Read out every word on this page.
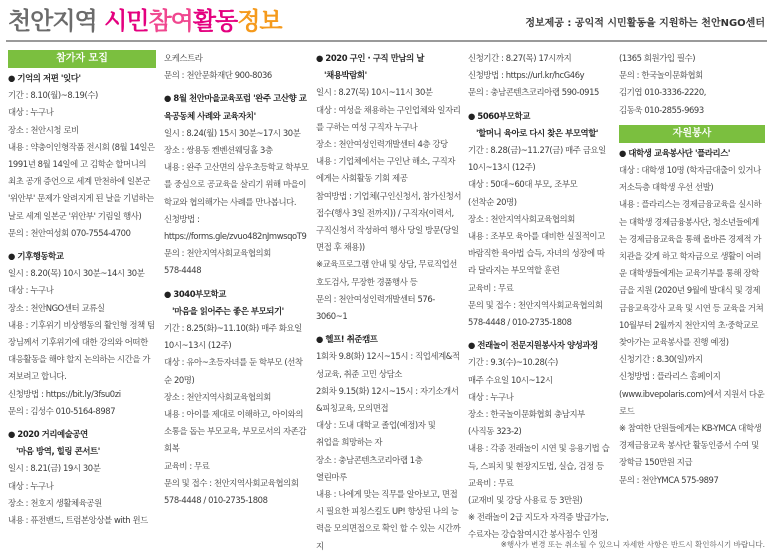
천안지역 시민참여활동정보	정보제공 : 공익적 시민활동을 지원하는 천안NGO센터
참가자 모집

● 기억의 저편 '잊다'

기간 : 8.10(월)~8.19(수)

대상 : 누구나

장소 : 천안시청 로비

내용 : 약충이인형작품 전시회 (8월 14일은 1991년 8월 14일에 고 김학순 할머니의 최초 공개 증언으로 세계 만천하에 일본군 '위안부' 문제가 알려지게 된 날을 기념하는 날로 세계 일본군 '위안부' 기림일 행사)

문의 : 천안여성회 070-7554-4700

● 기후행동학교

일시 : 8.20(목) 10시 30분~14시 30분

대상 : 누구나

장소 : 천안NGO센터 교류실

내용 : 기후위기 비상행동의 활인형 정책 팀장님께서 기후위기에 대한 강의와 어떠한 대응활동을 해야 할지 논의하는 시간을 가져보려고 합니다.

신청방법 : https://bit.ly/3fsu0zi

문의 : 김성수 010-5164-8987

● 2020 거리예술공연

'마음 방역, 힐링 콘서트'

일시 : 8.21(금) 19시 30분

대상 : 누구나

장소 : 천호지 생활체육공원

내용 : 퓨전밴드, 트럼본앙상블 with 윈드

오케스트라

문의 : 천안문화재단 900-8036

● 8월 천안마을교육포럼 '완주 고산향 교육공동체 사례와 교육자치'

일시 : 8.24(월) 15시 30분~17시 30분

장소 : 쌍용동 켄벤션웨딩홀 3층

내용 : 완주 고산면의 삼우초등학교 학부모를 중심으로 공교육을 살리기 위해 마을이 학교와 협의해가는 사례를 만나봅니다.

신청방법 :

https://forms.gle/zvuo482nJmwsqoT9

문의 : 천안지역사회교육협의회

578-4448

● 3040부모학교

'마음을 읽어주는 좋은 부모되기'

기간 : 8.25(화)~11.10(화) 매주 화요일 10시~13시 (12주)

대상 : 유아~초등자녀를 둔 학부모 (선착순 20명)

장소 : 천안지역사회교육협의회

내용 : 아이를 제대로 이해하고, 아이와의 소통을 돕는 부모교육, 부모로서의 자존감 회복

교육비 : 무료

문의 및 접수 : 천안지역사회교육협의회 578-4448 / 010-2735-1808

● 2020 구인 · 구직 만남의 날

'채용박람회'

일시 : 8.27(목) 10시~11시 30분

대상 : 여성을 채용하는 구인업체와 일자리를 구하는 여성 구직자 누구나

장소 : 천안여성인력개발센터 4층 강당

내용 : 기업체에서는 구인난 해소, 구직자에게는 사회활동 기회 제공

참여방법 : 기업체(구인신청서, 참가신청서 접수(행사 3일 전까지)) / 구직자(이력서, 구직신청서 작성하여 행사 당일 방문(당일 면접 후 채용))

※교육프로그램 안내 및 상담, 무료직업선호도검사, 무장한 경품행사 등

문의 : 천안여성인력개발센터 576-3060~1

● 헬프! 취준캠프

1회차 9.8(화) 12시~15시 : 직업세계&적성교육, 취준 고민 상담소

2회차 9.15(화) 12시~15시 : 자기소개서&피칭교육, 모의면접

대상 : 도내 대학교 졸업(예정)자 및

취업을 희망하는 자

장소 : 충남콘텐츠코리아랩 1층

열린마루

내용 : 나에게 맞는 직무를 알아보고, 면접시 필요한 피칭스킬도 UP! 향상된 나의 능력을 모의면접으로 확인 할 수 있는 시간까지

신청기간 : 8.27(목) 17시까지

신청방법 : https://url.kr/hcG46y

문의 : 충남콘텐츠코리아랩 590-0915

● 5060부모학교

'할머니 육아로 다시 찾은 부모역할'

기간 : 8.28(금)~11.27(금) 매주 금요일 10시~13시 (12주)

대상 : 50대~60대 부모, 조부모

(선착순 20명)

장소 : 천안지역사회교육협의회

내용 : 조부모 육아를 대비한 실질적이고 바람직한 육아법 습득, 자녀의 성장에 따라 달라지는 부모역할 훈련

교육비 : 무료

문의 및 접수 : 천안지역사회교육협의회 578-4448 / 010-2735-1808

● 전래놀이 전문지원봉사자 양성과정

기간 : 9.3(수)~10.28(수)

매주 수요일 10시~12시

대상 : 누구나

장소 : 한국놀이문화협회 충남지부

(사직동 323-2)

내용 : 각종 전래놀이 시연 및 응용기법 습득, 스피치 및 현장지도법, 실습, 검정 등

교육비 : 무료

(교재비 및 강당 사용료 등 3만원)

※ 전래놀이 2급 지도자 자격증 발급가능, 수료자는 강습참여시간 봉사점수 인정

(1365 회원가입 필수)

문의 : 한국놀이문화협회

김기엽 010-3336-2220,

김동욱 010-2855-9693

자원봉사

● 대학생 교육봉사단 '플라리스'

대상 : 대학생 10명 (학자금대출이 있거나 저소득층 대학생 우선 선발)

내용 : 플라리스는 경제금융교육을 실시하는 대학생 경제금융봉사단, 청소년들에게는 경제금융교육을 통해 올바른 경제적 가치관을 갖게 하고 학자금으로 생활이 어려운 대학생들에게는 교육기부를 통해 장학금을 지원 (2020년 9월에 발대식 및 경제금융교육강사 교육 및 시연 등 교육을 거쳐 10월부터 2월까지 천안지역 초·중학교로 찾아가는 교육봉사를 진행 예정)

신청기간 : 8.30(일)까지

신청방법 : 플라리스 홈페이지(www.ibvepolaris.com)에서 지원서 다운로드

※ 참여한 단원들에게는 KB-YMCA 대학생경제금융교육 봉사단 활동인증서 수여 및 장학금 150만원 지급

문의 : 천안YMCA 575-9897

※행사가 변경 또는 취소될 수 있으니 자세한 사항은 반드시 확인하시기 바랍니다.
